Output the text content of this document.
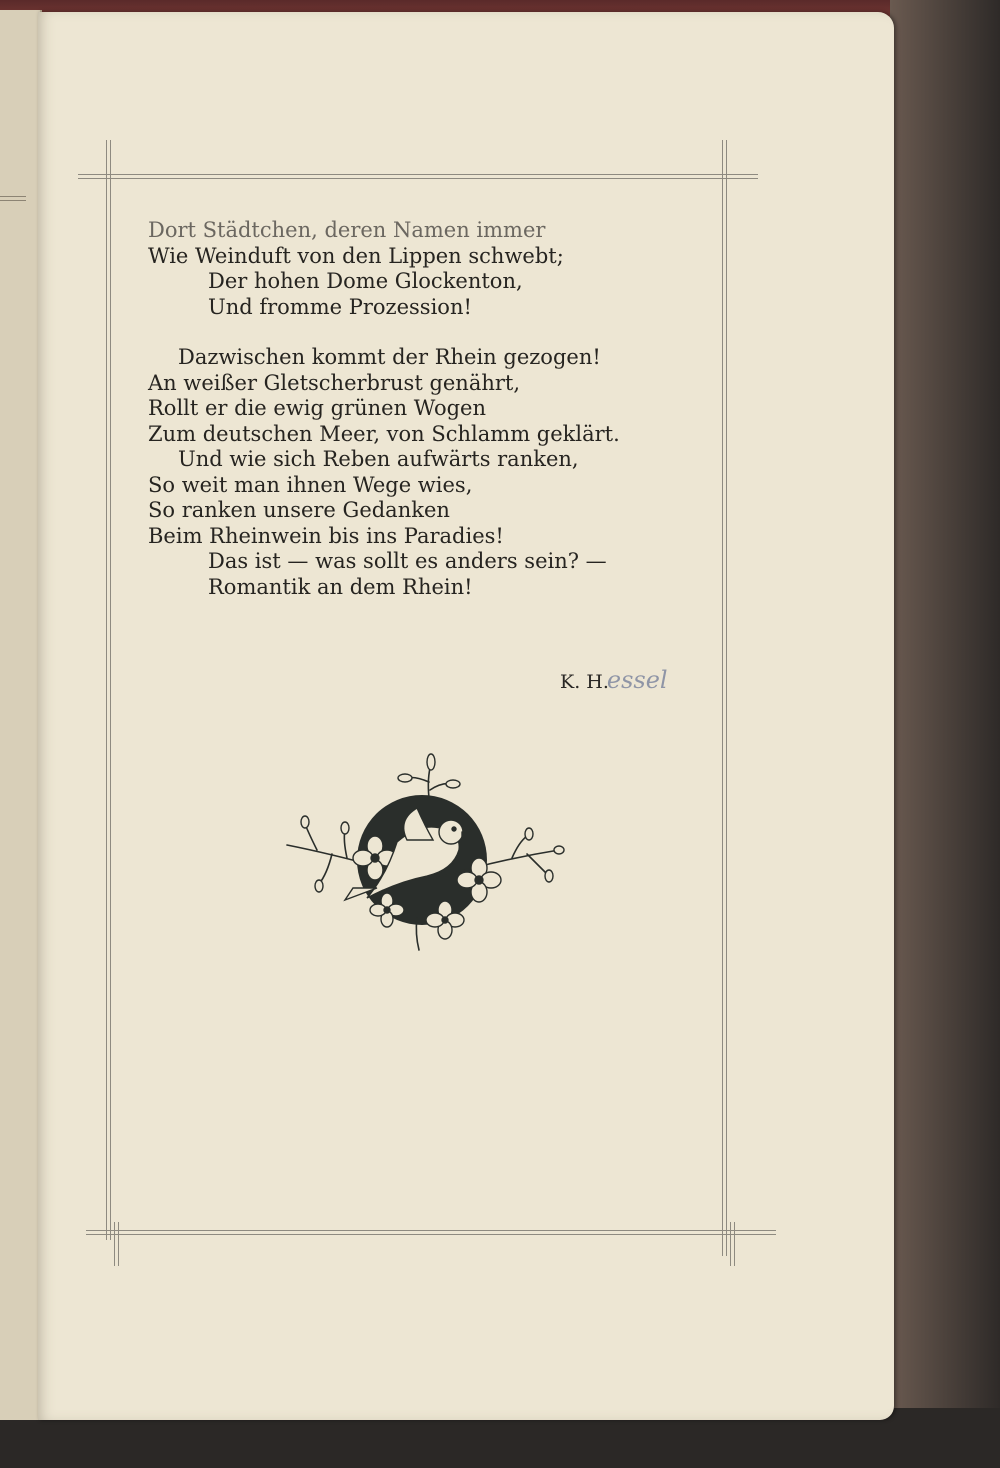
Dort Städtchen, deren Namen immer
Wie Weinduft von den Lippen schwebt;
Der hohen Dome Glockenton,
Und fromme Prozession!
Dazwischen kommt der Rhein gezogen!
An weißer Gletscherbrust genährt,
Rollt er die ewig grünen Wogen
Zum deutschen Meer, von Schlamm geklärt.
Und wie sich Reben aufwärts ranken,
So weit man ihnen Wege wies,
So ranken unsere Gedanken
Beim Rheinwein bis ins Paradies!
Das ist — was sollt es anders sein? —
Romantik an dem Rhein!
K. H.essel
